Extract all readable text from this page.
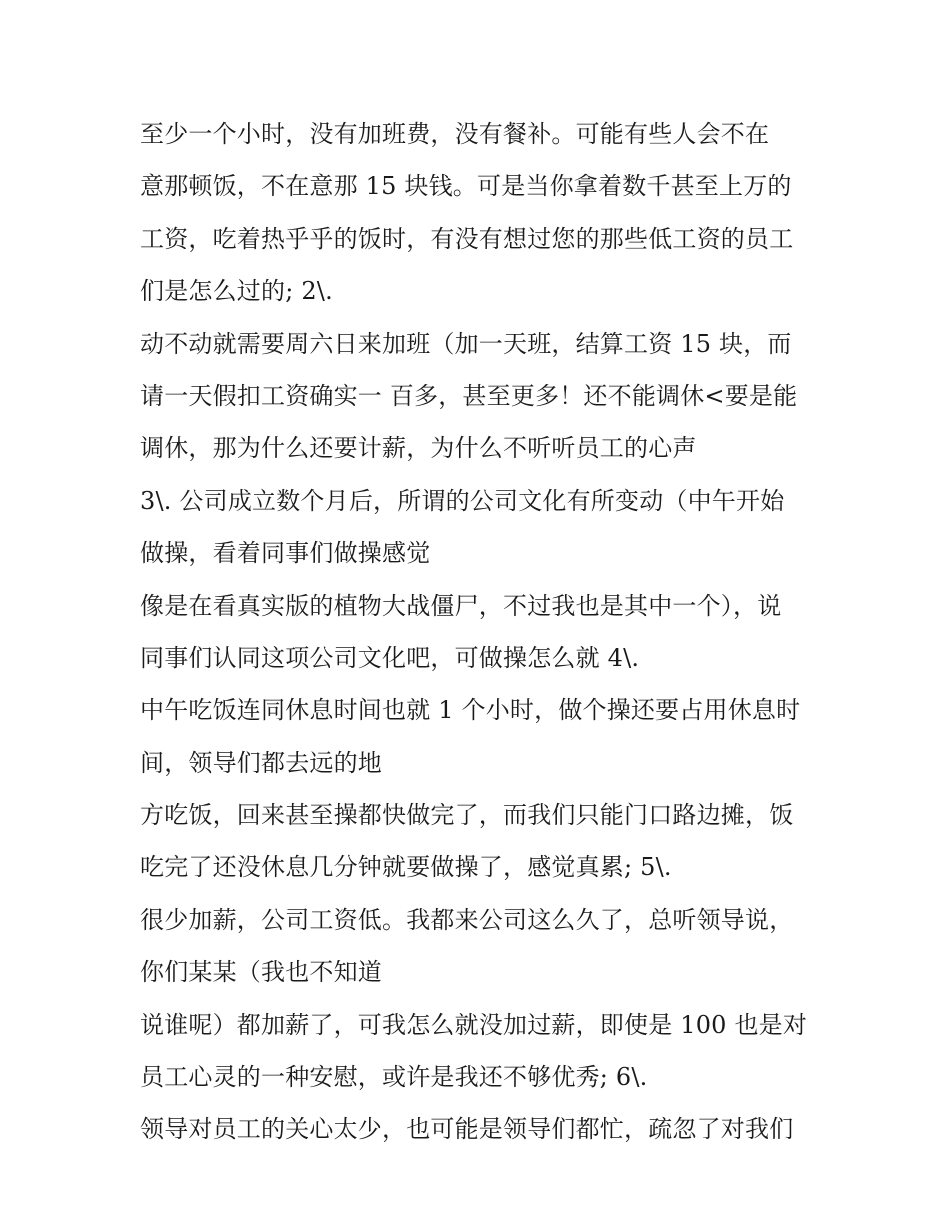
至少一个小时，没有加班费，没有餐补。可能有些人会不在
意那顿饭，不在意那 15 块钱。可是当你拿着数千甚至上万的
工资，吃着热乎乎的饭时，有没有想过您的那些低工资的员工
们是怎么过的; 2\.
动不动就需要周六日来加班（加一天班，结算工资 15 块，而
请一天假扣工资确实一 百多，甚至更多！还不能调休<要是能
调休，那为什么还要计薪，为什么不听听员工的心声
3\. 公司成立数个月后，所谓的公司文化有所变动（中午开始
做操，看着同事们做操感觉
像是在看真实版的植物大战僵尸，不过我也是其中一个），说
同事们认同这项公司文化吧，可做操怎么就 4\.
中午吃饭连同休息时间也就 1 个小时，做个操还要占用休息时
间，领导们都去远的地
方吃饭，回来甚至操都快做完了，而我们只能门口路边摊，饭
吃完了还没休息几分钟就要做操了，感觉真累; 5\.
很少加薪，公司工资低。我都来公司这么久了，总听领导说，
你们某某（我也不知道
说谁呢）都加薪了，可我怎么就没加过薪，即使是 100 也是对
员工心灵的一种安慰，或许是我还不够优秀; 6\.
领导对员工的关心太少，也可能是领导们都忙，疏忽了对我们
